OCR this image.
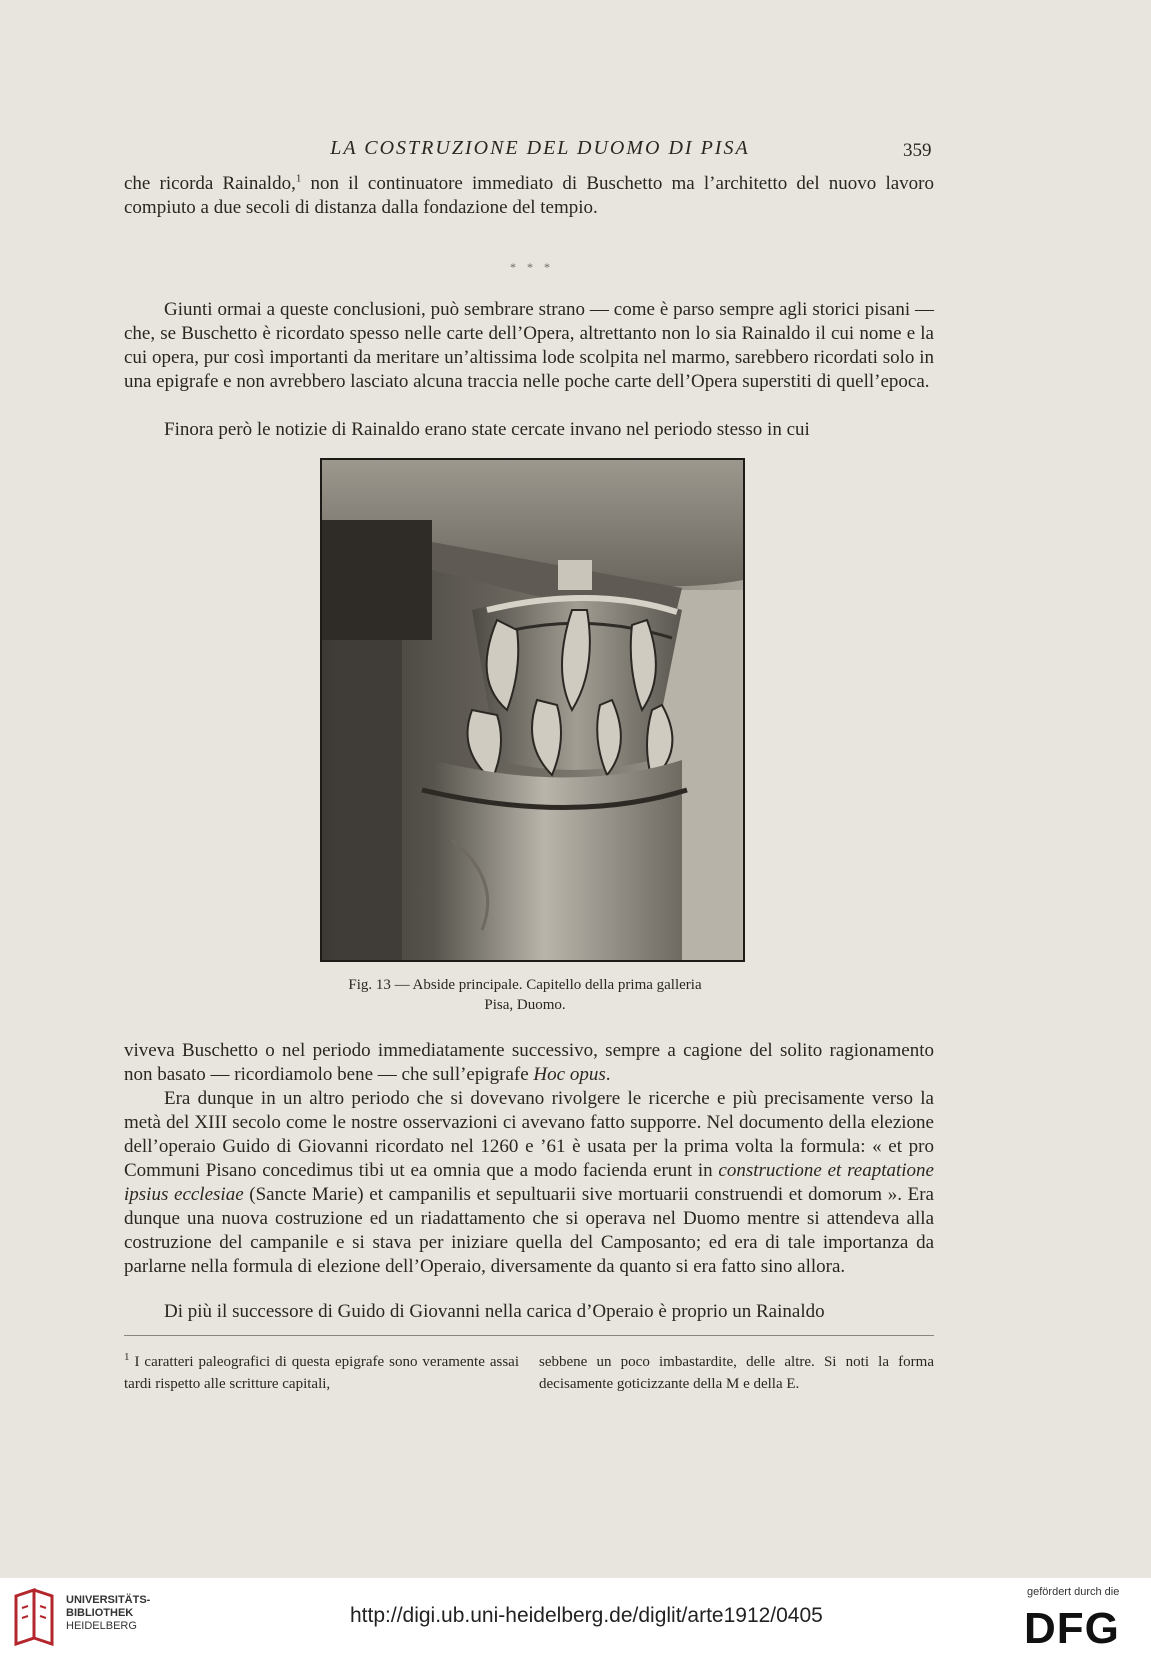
LA COSTRUZIONE DEL DUOMO DI PISA	359

che ricorda Rainaldo,$^1$ non il continuatore immediato di Buschetto ma l’architetto del nuovo lavoro compiuto a due secoli di distanza dalla fondazione del tempio.

* * *

Giunti ormai a queste conclusioni, può sembrare strano — come è parso sempre agli storici pisani — che, se Buschetto è ricordato spesso nelle carte dell’Opera, altrettanto non lo sia Rainaldo il cui nome e la cui opera, pur così importanti da meritare un’altissima lode scolpita nel marmo, sarebbero ricordati solo in una epigrafe e non avrebbero lasciato alcuna traccia nelle poche carte dell’Opera superstiti di quell’epoca.

Finora però le notizie di Rainaldo erano state cercate invano nel periodo stesso in cui

Fig. 13 — Abside principale. Capitello della prima galleria
Pisa, Duomo.

viveva Buschetto o nel periodo immediatamente successivo, sempre a cagione del solito ragionamento non basato — ricordiamolo bene — che sull’epigrafe Hoc opus.

Era dunque in un altro periodo che si dovevano rivolgere le ricerche e più precisamente verso la metà del XIII secolo come le nostre osservazioni ci avevano fatto supporre. Nel documento della elezione dell’operaio Guido di Giovanni ricordato nel 1260 e ’61 è usata per la prima volta la formula: « et pro Communi Pisano concedimus tibi ut ea omnia que a modo facienda erunt in constructione et reaptatione ipsius ecclesiae (Sancte Marie) et campanilis et sepultuarii sive mortuarii construendi et domorum ». Era dunque una nuova costruzione ed un riadattamento che si operava nel Duomo mentre si attendeva alla costruzione del campanile e si stava per iniziare quella del Camposanto; ed era di tale importanza da parlarne nella formula di elezione dell’Operaio, diversamente da quanto si era fatto sino allora.

Di più il successore di Guido di Giovanni nella carica d’Operaio è proprio un Rainaldo

$^1$ I caratteri paleografici di questa epigrafe sono veramente assai tardi rispetto alle scritture capitali,

sebbene un poco imbastardite, delle altre. Si noti la forma decisamente goticizzante della M e della E.

UNIVERSITÄTS-
BIBLIOTHEK
HEIDELBERG	http://digi.ub.uni-heidelberg.de/diglit/arte1912/0405
gefördert durch die
DFG
